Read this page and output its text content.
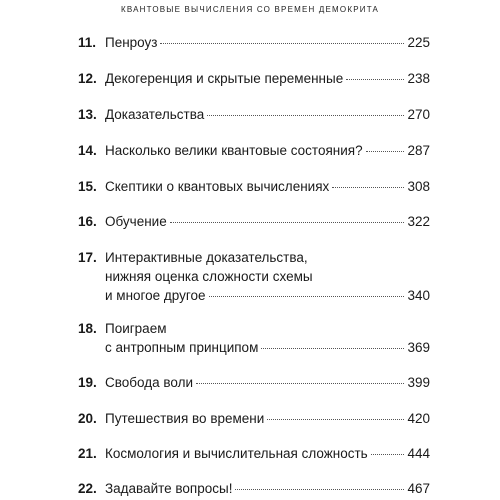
КВАНТОВЫЕ ВЫЧИСЛЕНИЯ СО ВРЕМЕН ДЕМОКРИТА
11. Пенроуз	225
12. Декогеренция и скрытые переменные	238
13. Доказательства	270
14. Насколько велики квантовые состояния?	287
15. Скептики о квантовых вычислениях	308
16. Обучение	322
17. Интерактивные доказательства,
нижняя оценка сложности схемы
и многое другое	340
18. Поиграем
с антропным принципом	369
19. Свобода воли	399
20. Путешествия во времени	420
21. Космология и вычислительная сложность	444
22. Задавайте вопросы!	467
